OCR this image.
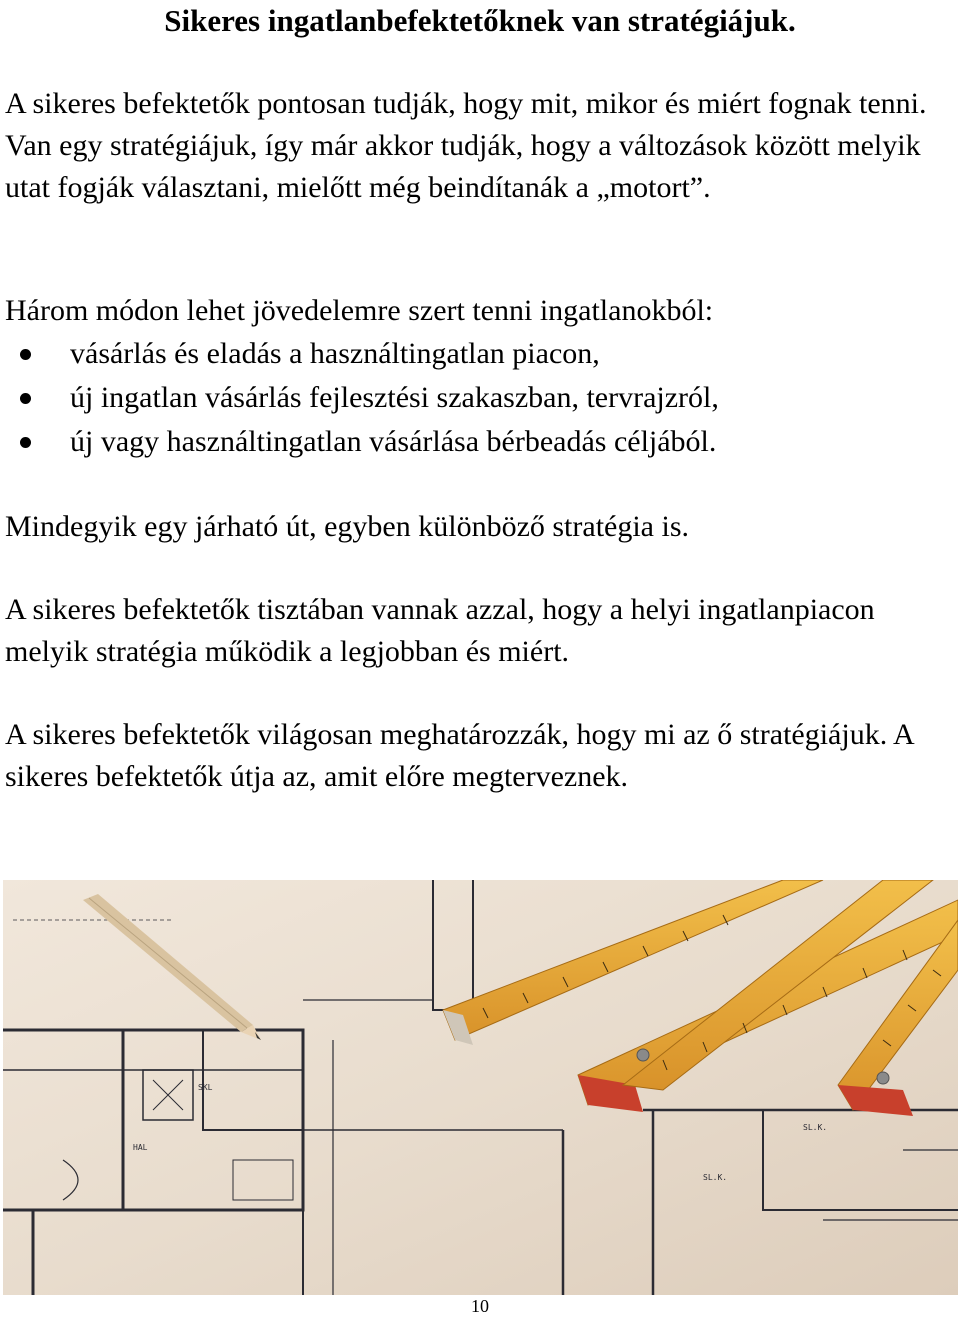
Sikeres ingatlanbefektetőknek van stratégiájuk.

A sikeres befektetők pontosan tudják, hogy mit, mikor és miért fognak tenni. Van egy stratégiájuk, így már akkor tudják, hogy a változások között melyik utat fogják választani, mielőtt még beindítanák a „motort”.

Három módon lehet jövedelemre szert tenni ingatlanokból:

vásárlás és eladás a használtingatlan piacon,
új ingatlan vásárlás fejlesztési szakaszban, tervrajzról,
új vagy használtingatlan vásárlása bérbeadás céljából.

Mindegyik egy járható út, egyben különböző stratégia is.

A sikeres befektetők tisztában vannak azzal, hogy a helyi ingatlanpiacon melyik stratégia működik a legjobban és miért.

A sikeres befektetők világosan meghatározzák, hogy mi az ő stratégiájuk. A sikeres befektetők útja az, amit előre megterveznek.

SKL
HAL
SL.K.
SL.K.

10
